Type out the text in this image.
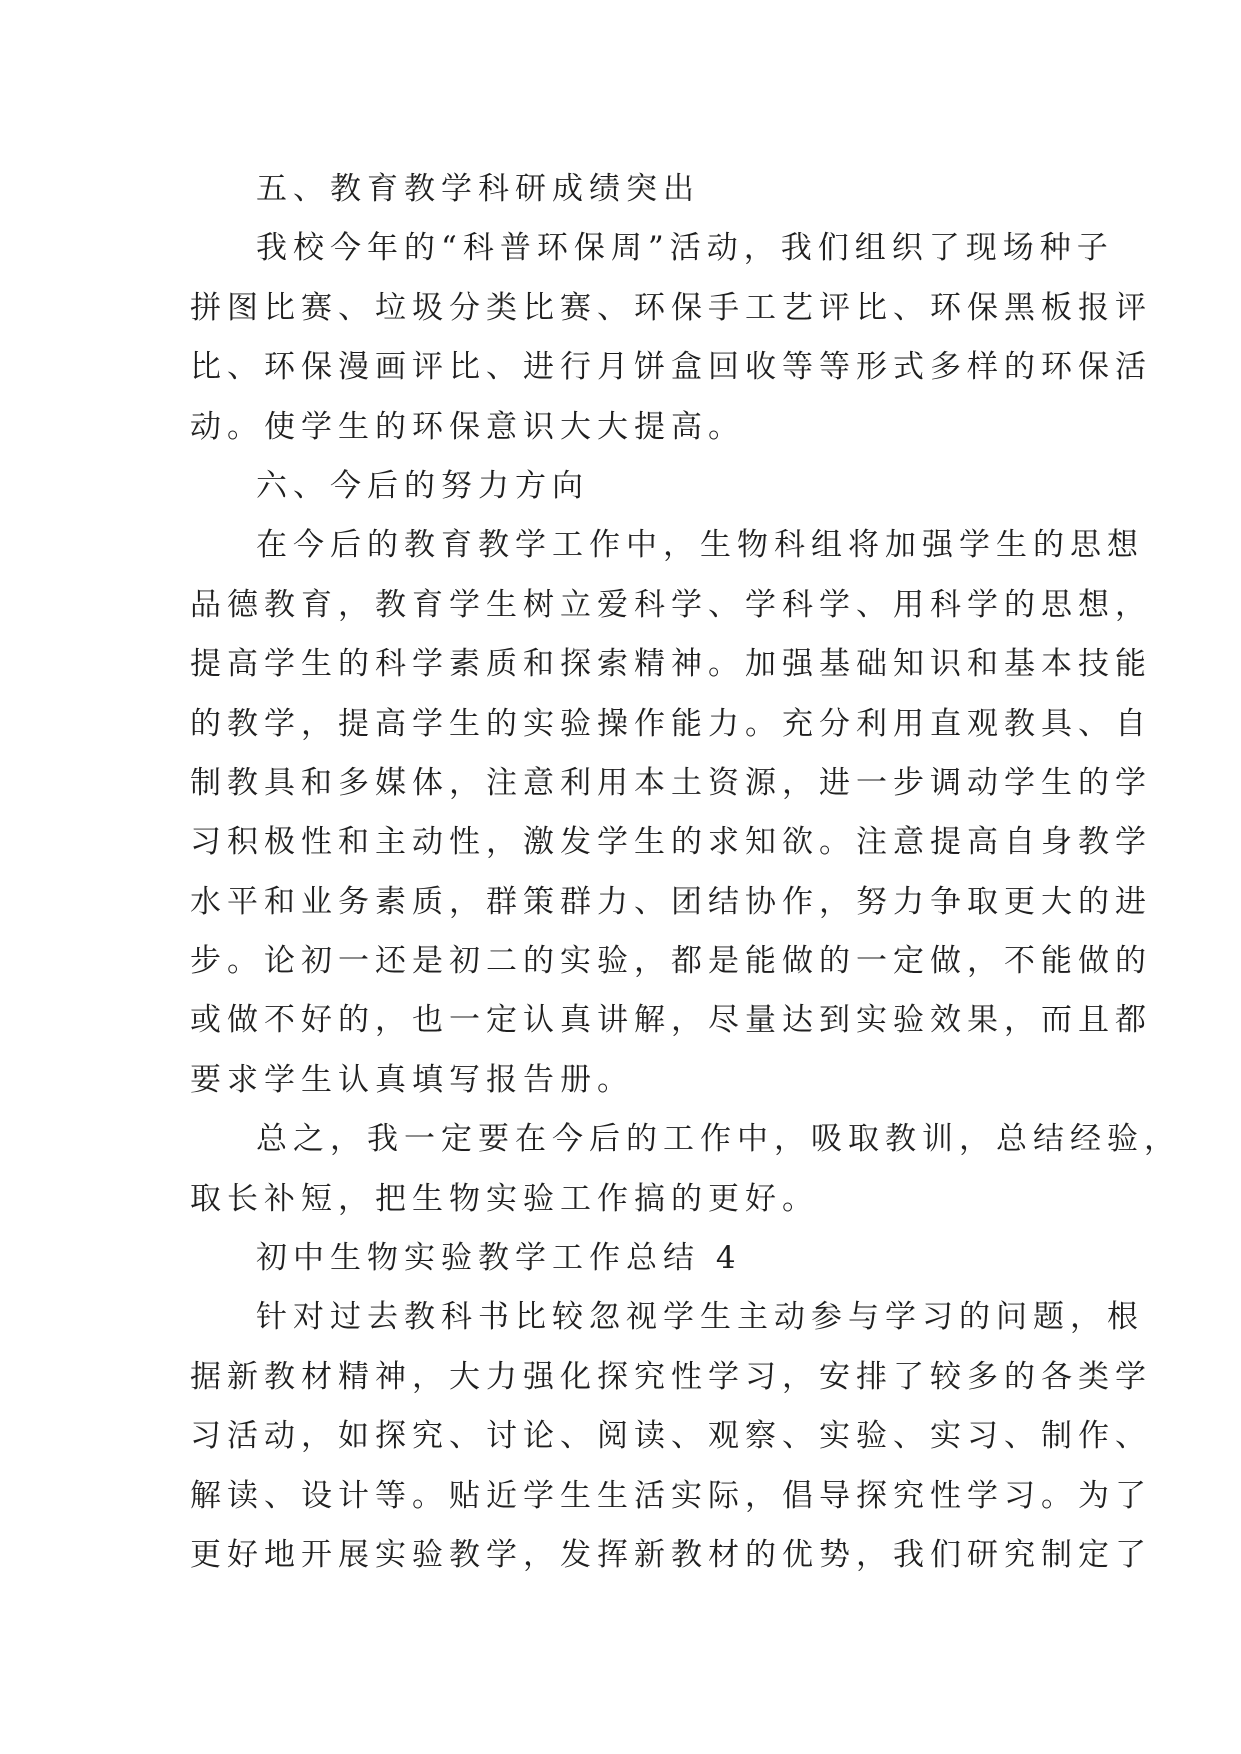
五、教育教学科研成绩突出
我校今年的“科普环保周”活动，我们组织了现场种子
拼图比赛、垃圾分类比赛、环保手工艺评比、环保黑板报评
比、环保漫画评比、进行月饼盒回收等等形式多样的环保活
动。使学生的环保意识大大提高。
六、今后的努力方向
在今后的教育教学工作中，生物科组将加强学生的思想
品德教育，教育学生树立爱科学、学科学、用科学的思想，
提高学生的科学素质和探索精神。加强基础知识和基本技能
的教学，提高学生的实验操作能力。充分利用直观教具、自
制教具和多媒体，注意利用本土资源，进一步调动学生的学
习积极性和主动性，激发学生的求知欲。注意提高自身教学
水平和业务素质，群策群力、团结协作，努力争取更大的进
步。论初一还是初二的实验，都是能做的一定做，不能做的
或做不好的，也一定认真讲解，尽量达到实验效果，而且都
要求学生认真填写报告册。
总之，我一定要在今后的工作中，吸取教训，总结经验，
取长补短，把生物实验工作搞的更好。
初中生物实验教学工作总结 4
针对过去教科书比较忽视学生主动参与学习的问题，根
据新教材精神，大力强化探究性学习，安排了较多的各类学
习活动，如探究、讨论、阅读、观察、实验、实习、制作、
解读、设计等。贴近学生生活实际，倡导探究性学习。为了
更好地开展实验教学，发挥新教材的优势，我们研究制定了
